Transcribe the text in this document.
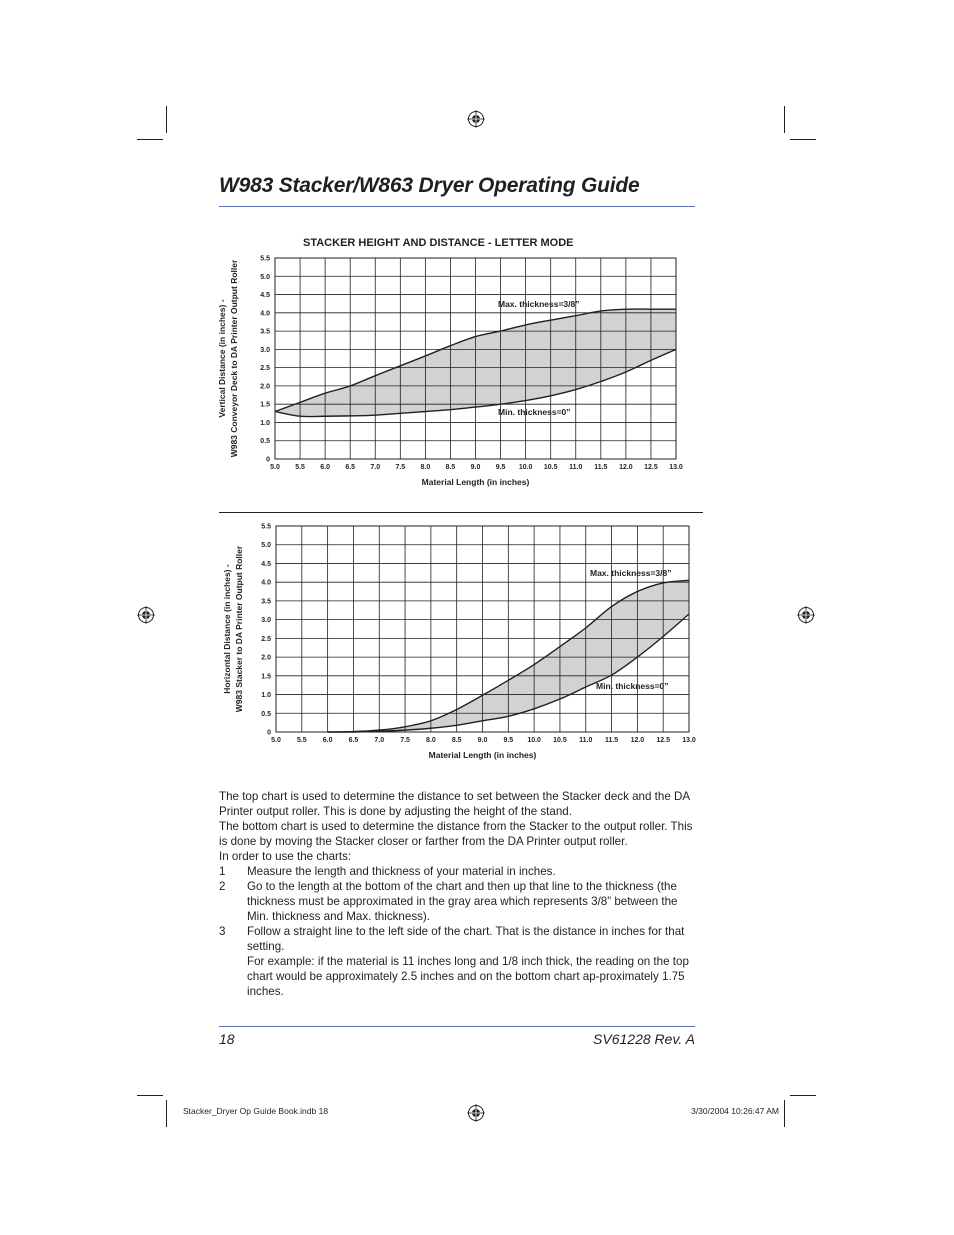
W983 Stacker/W863 Dryer Operating Guide
STACKER HEIGHT AND DISTANCE - LETTER MODE
5.0 5.5 6.0 6.5 7.0 7.5 8.0 8.5 9.0 9.5 10.0 10.5 11.0 11.5 12.0 12.5 13.0
0
0.5
1.0
1.5
2.0
2.5
3.0
3.5
4.0
4.5
5.0
5.5
Max. thickness=3/8”
Min. thickness=0”
Material Length (in inches)
Vertical Distance (in inches) - W983 Conveyor Deck to DA Printer Output Roller
5.0 5.5 6.0 6.5 7.0 7.5 8.0 8.5 9.0 9.5 10.0 10.5 11.0 11.5 12.0 12.5 13.0
0
0.5
1.0
1.5
2.0
2.5
3.0
3.5
4.0
4.5
5.0
5.5
Max. thickness=3/8”
Min. thickness=0”
Material Length (in inches)
Horizontal Distance (in inches) - W983 Stacker to DA Printer Output Roller

The top chart is used to determine the distance to set between the Stacker deck and the DA Printer output roller. This is done by adjusting the height of the stand.

The bottom chart is used to determine the distance from the Stacker to the output roller. This is done by moving the Stacker closer or farther from the DA Printer output roller.

In order to use the charts:

1	Measure the length and thickness of your material in inches.
2	Go to the length at the bottom of the chart and then up that line to the thickness (the thickness must be approximated in the gray area which represents 3/8” between the Min. thickness and Max. thickness).
3	Follow a straight line to the left side of the chart. That is the distance in inches for that setting.
For example: if the material is 11 inches long and 1/8 inch thick, the reading on the top chart would be approximately 2.5 inches and on the bottom chart ap-proximately 1.75 inches.
18	SV61228 Rev. A
Stacker_Dryer Op Guide Book.indb 18	3/30/2004 10:26:47 AM
